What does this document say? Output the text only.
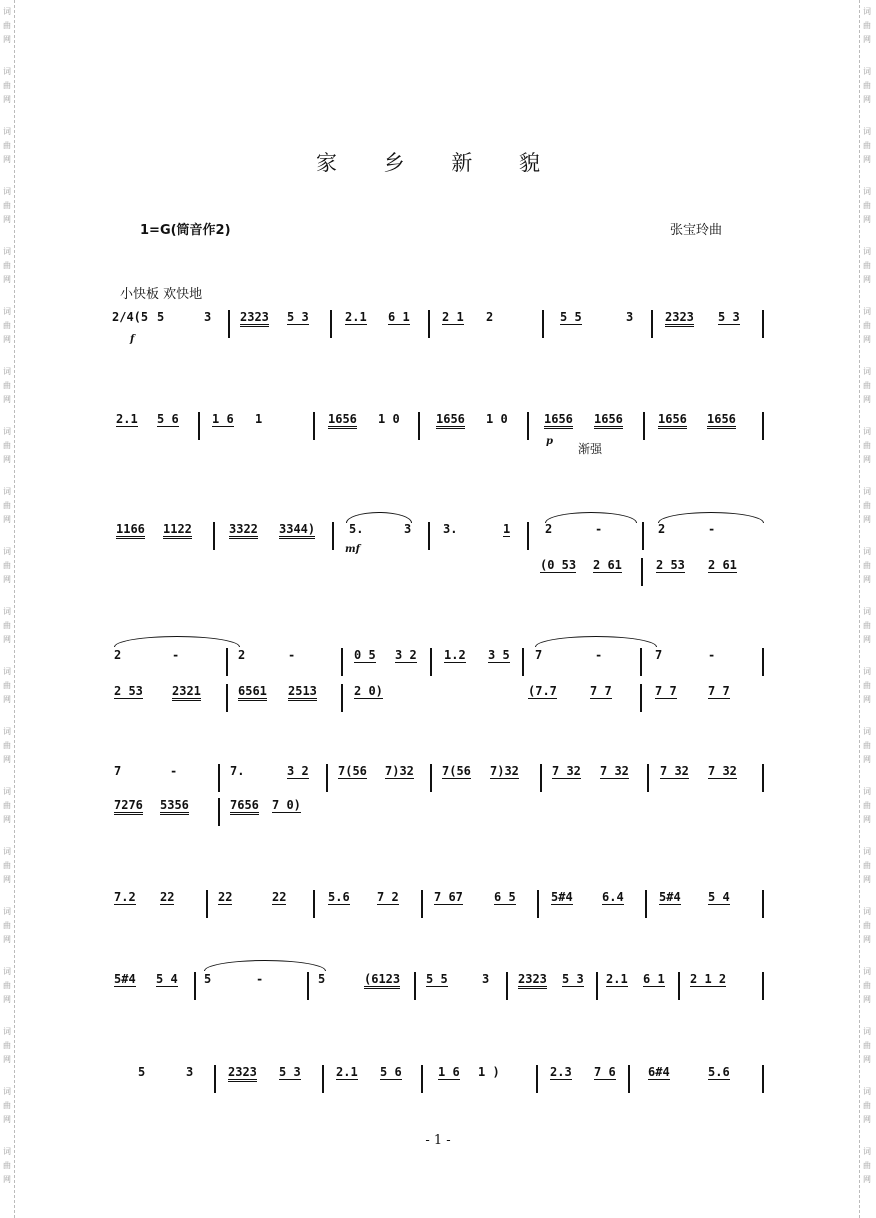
词
曲
网
词
曲
网
词
曲
网
词
曲
网
词
曲
网
词
曲
网
词
曲
网
词
曲
网
词
曲
网
词
曲
网
词
曲
网
词
曲
网
词
曲
网
词
曲
网
词
曲
网
词
曲
网
词
曲
网
词
曲
网
词
曲
网
词
曲
网
词
曲
网
词
曲
网
词
曲
网
词
曲
网
词
曲
网
词
曲
网
词
曲
网
词
曲
网
词
曲
网
词
曲
网
词
曲
网
词
曲
网
词
曲
网
词
曲
网
词
曲
网
词
曲
网
词
曲
网
词
曲
网
词
曲
网
词
曲
网
家 乡 新 貌
1=G(筒音作2)	张宝玲曲
小快板 欢快地
2/4(5 5	3 2323 5 3	2.1 6 1	2 1 2	5 5	3	2323 5 3
f
2.1 5 6	1 6 1	1656 1 0	1656 1 0	1656 1656	1656 1656
p
渐强
1166 1122	3322 3344)	5.	3	3.	1	2	-	2	-
mf
(0 53 2 61	2 53 2 61
2	-	2	-	0 5 3 2 1.2 3 5 7	-	7	-
2 53 2321	6561 2513	2 0)	(7.7	7 7	7 7	7 7
7	-	7.	3 2 7(56 7)32 7(56 7)32	7 32 7 32	7 32 7 32
7276 5356	7656 7 0)
7.2 22	22	22	5.6 7 2	7 67	6 5	5#4 6.4	5#4 5 4
5#4 5 4 5	-	5	(6123 5 5	3 2323 5 3 2.1 6 1 2 1 2
5	3	2323 5 3	2.1 5 6	1 6 1 )	2.3 7 6	6#4	5.6
- 1 -
